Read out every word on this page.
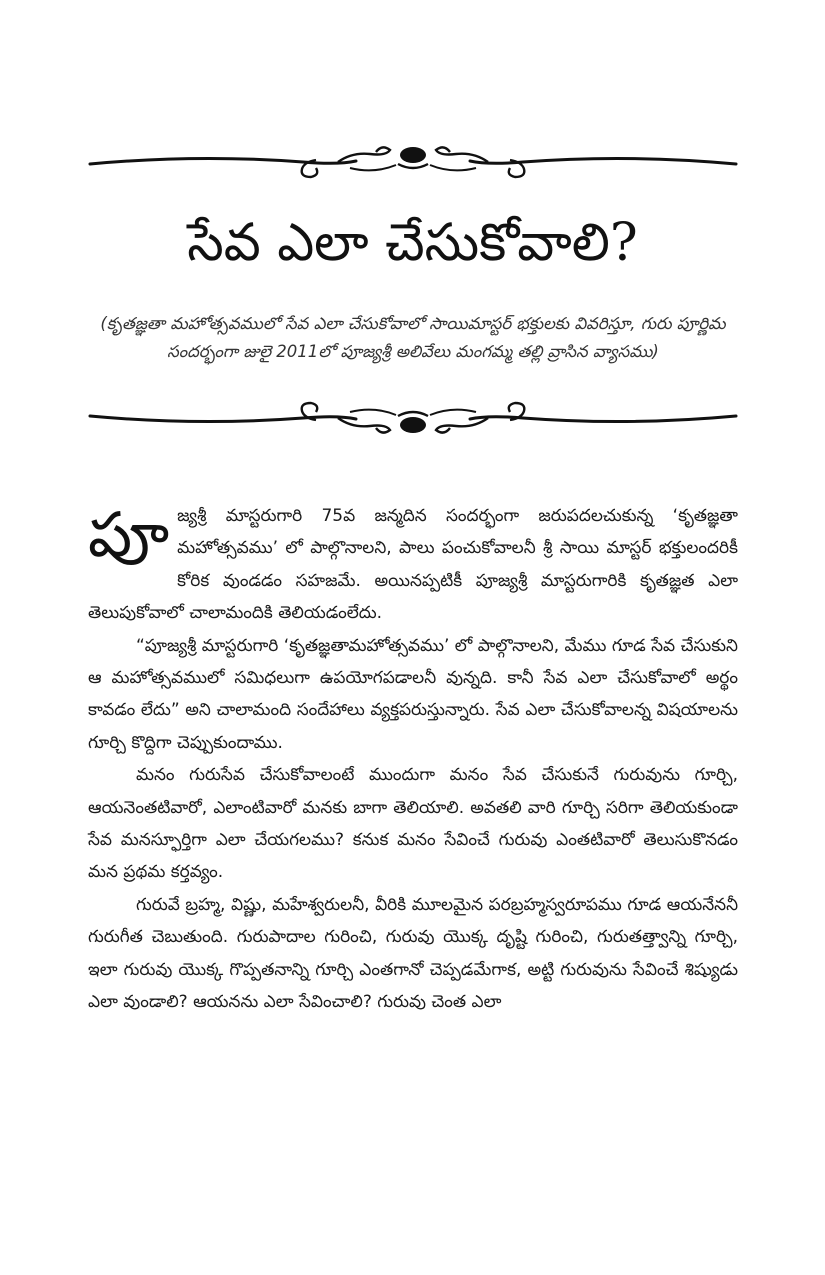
సేవ ఎలా చేసుకోవాలి?

(కృతజ్ఞతా మహోత్సవములో సేవ ఎలా చేసుకోవాలో సాయిమాస్టర్ భక్తులకు వివరిస్తూ, గురు పూర్ణిమ సందర్భంగా జులై 2011లో పూజ్యశ్రీ అలివేలు మంగమ్మ తల్లి వ్రాసిన వ్యాసము)

పూ జ్యశ్రీ మాస్టరుగారి 75వ జన్మదిన సందర్భంగా జరుపదలచుకున్న ‘కృతజ్ఞతా మహోత్సవము’ లో పాల్గొనాలని, పాలు పంచుకోవాలనీ శ్రీ సాయి మాస్టర్ భక్తులందరికీ కోరిక వుండడం సహజమే. అయినప్పటికీ పూజ్యశ్రీ మాస్టరుగారికి కృతజ్ఞత ఎలా తెలుపుకోవాలో చాలామందికి తెలియడంలేదు.

“పూజ్యశ్రీ మాస్టరుగారి ‘కృతజ్ఞతామహోత్సవము’ లో పాల్గొనాలని, మేము గూడ సేవ చేసుకుని ఆ మహోత్సవములో సమిధలుగా ఉపయోగపడాలనీ వున్నది. కానీ సేవ ఎలా చేసుకోవాలో అర్థం కావడం లేదు” అని చాలామంది సందేహాలు వ్యక్తపరుస్తున్నారు. సేవ ఎలా చేసుకోవాలన్న విషయాలను గూర్చి కొద్దిగా చెప్పుకుందాము.

మనం గురుసేవ చేసుకోవాలంటే ముందుగా మనం సేవ చేసుకునే గురువును గూర్చి, ఆయనెంతటివారో, ఎలాంటివారో మనకు బాగా తెలియాలి. అవతలి వారి గూర్చి సరిగా తెలియకుండా సేవ మనస్ఫూర్తిగా ఎలా చేయగలము? కనుక మనం సేవించే గురువు ఎంతటివారో తెలుసుకొనడం మన ప్రథమ కర్తవ్యం.

గురువే బ్రహ్మ, విష్ణు, మహేశ్వరులనీ, వీరికి మూలమైన పరబ్రహ్మస్వరూపము గూడ ఆయనేననీ గురుగీత చెబుతుంది. గురుపాదాల గురించి, గురువు యొక్క దృష్టి గురించి, గురుతత్త్వాన్ని గూర్చి, ఇలా గురువు యొక్క గొప్పతనాన్ని గూర్చి ఎంతగానో చెప్పడమేగాక, అట్టి గురువును సేవించే శిష్యుడు ఎలా వుండాలి? ఆయనను ఎలా సేవించాలి? గురువు చెంత ఎలా
